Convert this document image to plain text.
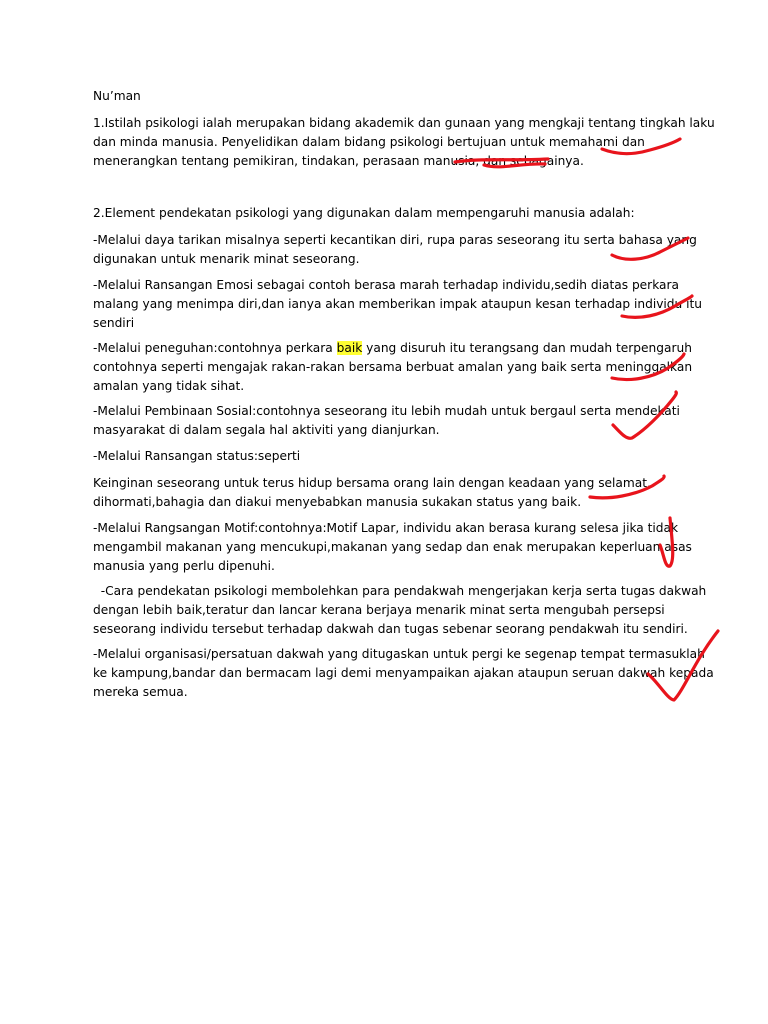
Nu’man

1.Istilah psikologi ialah merupakan bidang akademik dan gunaan yang mengkaji tentang tingkah laku
dan minda manusia. Penyelidikan dalam bidang psikologi bertujuan untuk memahami dan
menerangkan tentang pemikiran, tindakan, perasaan manusia, dan sebagainya.

2.Element pendekatan psikologi yang digunakan dalam mempengaruhi manusia adalah:

-Melalui daya tarikan misalnya seperti kecantikan diri, rupa paras seseorang itu serta bahasa yang
digunakan untuk menarik minat seseorang.

-Melalui Ransangan Emosi sebagai contoh berasa marah terhadap individu,sedih diatas perkara
malang yang menimpa diri,dan ianya akan memberikan impak ataupun kesan terhadap individu itu
sendiri

-Melalui peneguhan:contohnya perkara baik yang disuruh itu terangsang dan mudah terpengaruh
contohnya seperti mengajak rakan-rakan bersama berbuat amalan yang baik serta meninggalkan
amalan yang tidak sihat.

-Melalui Pembinaan Sosial:contohnya seseorang itu lebih mudah untuk bergaul serta mendekati
masyarakat di dalam segala hal aktiviti yang dianjurkan.

-Melalui Ransangan status:seperti

Keinginan seseorang untuk terus hidup bersama orang lain dengan keadaan yang selamat,
dihormati,bahagia dan diakui menyebabkan manusia sukakan status yang baik.

-Melalui Rangsangan Motif:contohnya:Motif Lapar, individu akan berasa kurang selesa jika tidak
mengambil makanan yang mencukupi,makanan yang sedap dan enak merupakan keperluan asas
manusia yang perlu dipenuhi.

-Cara pendekatan psikologi membolehkan para pendakwah mengerjakan kerja serta tugas dakwah
dengan lebih baik,teratur dan lancar kerana berjaya menarik minat serta mengubah persepsi
seseorang individu tersebut terhadap dakwah dan tugas sebenar seorang pendakwah itu sendiri.

-Melalui organisasi/persatuan dakwah yang ditugaskan untuk pergi ke segenap tempat termasuklah
ke kampung,bandar dan bermacam lagi demi menyampaikan ajakan ataupun seruan dakwah kepada
mereka semua.
